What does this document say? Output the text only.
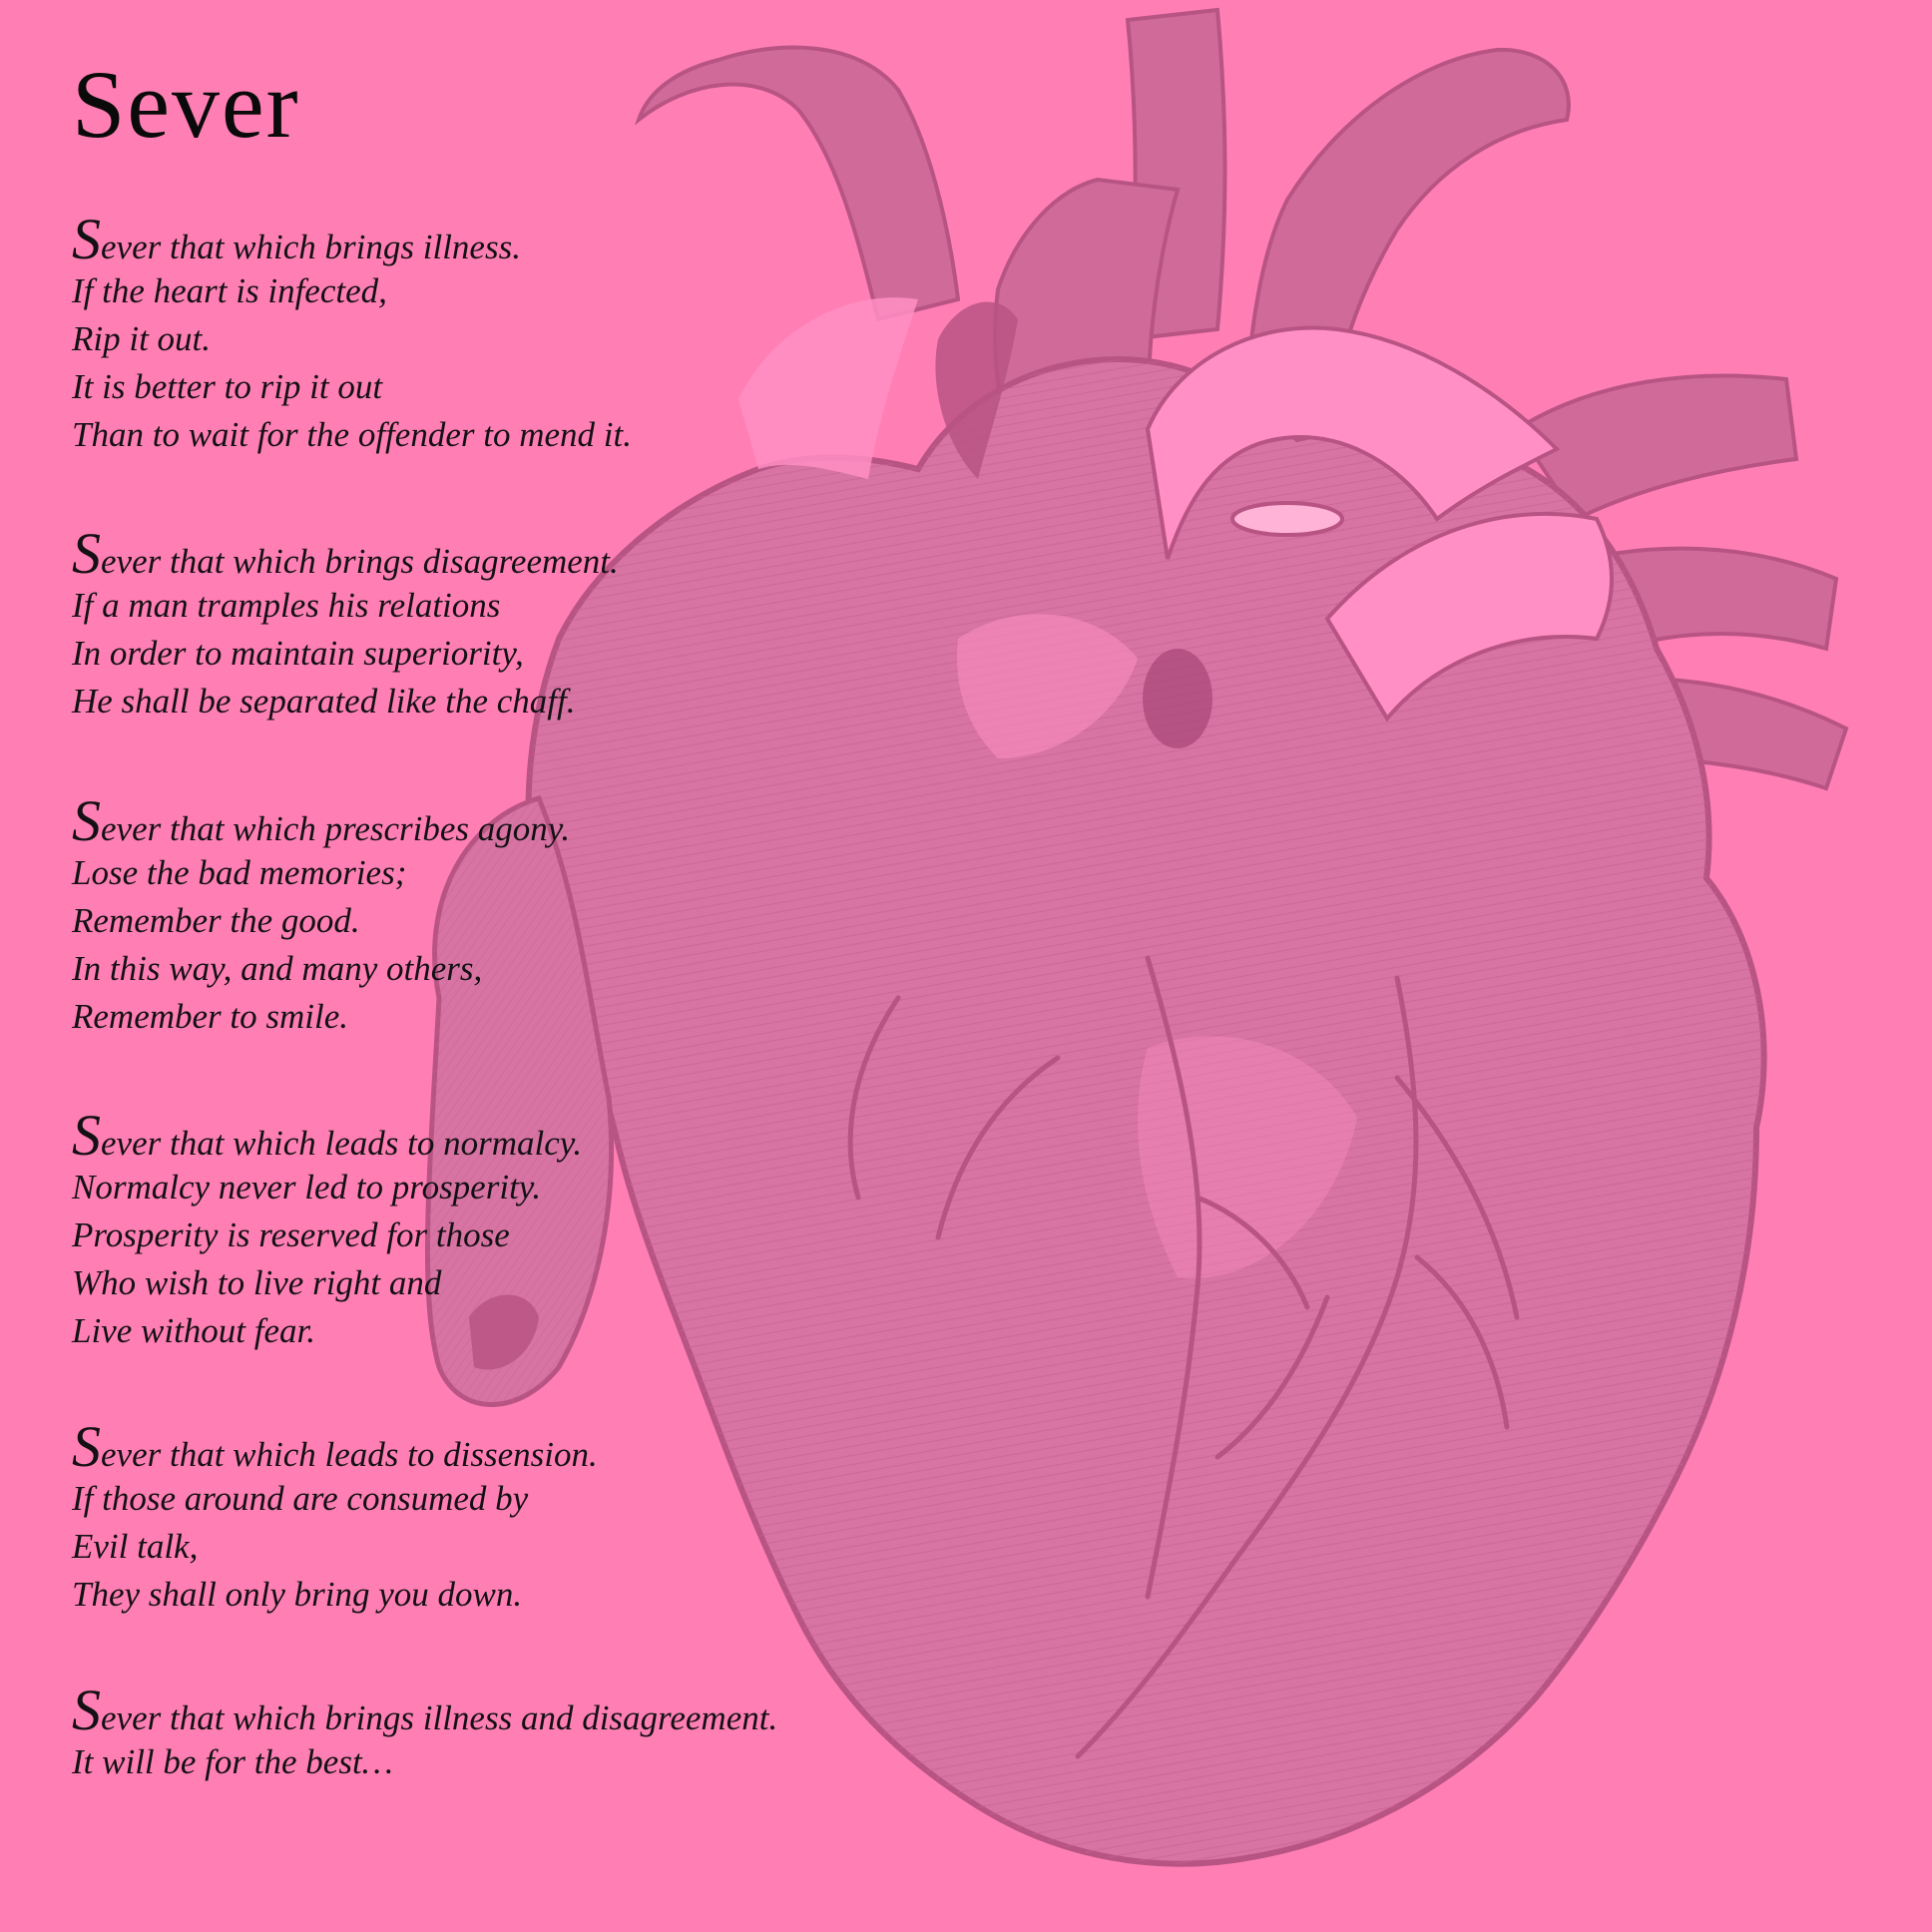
Sever
Sever that which brings illness.
If the heart is infected,
Rip it out.
It is better to rip it out
Than to wait for the offender to mend it.
Sever that which brings disagreement.
If a man tramples his relations
In order to maintain superiority,
He shall be separated like the chaff.
Sever that which prescribes agony.
Lose the bad memories;
Remember the good.
In this way, and many others,
Remember to smile.
Sever that which leads to normalcy.
Normalcy never led to prosperity.
Prosperity is reserved for those
Who wish to live right and
Live without fear.
Sever that which leads to dissension.
If those around are consumed by
Evil talk,
They shall only bring you down.
Sever that which brings illness and disagreement.
It will be for the best…
